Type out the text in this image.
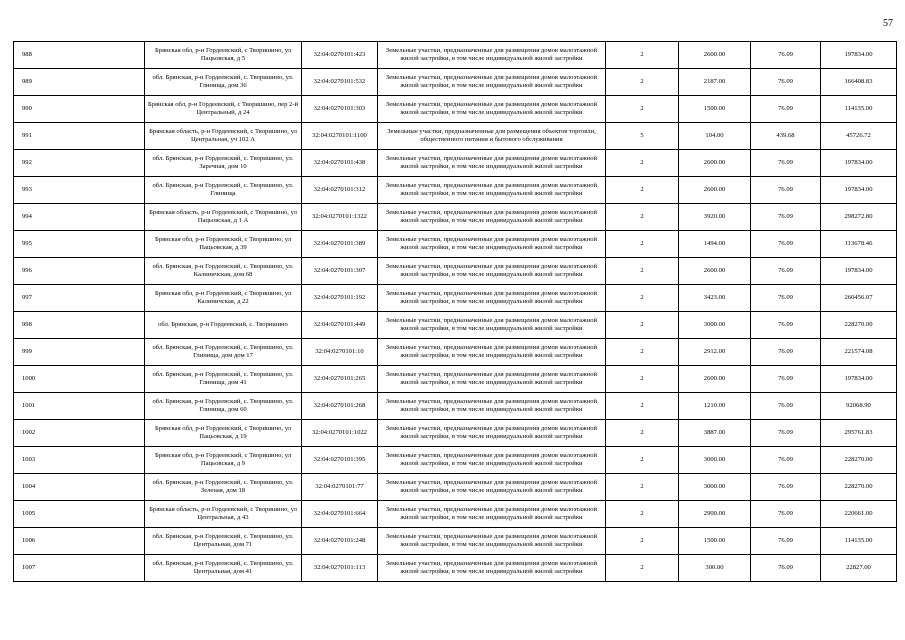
57
988	Брянская обл, р-н Гордеевский, с Творишино, ул Пацьовская, д 5	32:04:0270101:423	Земельные участки, предназначенные для размещения домов малоэтажной жилой застройки, в том числе индивидуальной жилой застройки	2	2600.00	76.09	197834.00
989	обл. Брянская, р-н Гордеевский, с. Творишино, ул. Глинища, дом 36	32:04:0270101:532	Земельные участки, предназначенные для размещения домов малоэтажной жилой застройки, в том числе индивидуальной жилой застройки	2	2187.00	76.09	166408.83
990	Брянская обл, р-н Гордеевский, с Творишино, пер 2-й Центральный, д 24	32:04:0270101:303	Земельные участки, предназначенные для размещения домов малоэтажной жилой застройки, в том числе индивидуальной жилой застройки	2	1500.00	76.09	114135.00
991	Брянская область, р-н Гордеевский, с Творишино, ул Центральная, уч 102 А	32:04:0270101:1100	Земельные участки, предназначенные для размещения объектов торговли, общественного питания и бытового обслуживания	5	104.00	439.68	45726.72
992	обл. Брянская, р-н Гордеевский, с. Творишино, ул. Заречная, дом 10	32:04:0270101:438	Земельные участки, предназначенные для размещения домов малоэтажной жилой застройки, в том числе индивидуальной жилой застройки	2	2600.00	76.09	197834.00
993	обл. Брянская, р-н Гордеевский, с. Творишино, ул. Глинища	32:04:0270101:312	Земельные участки, предназначенные для размещения домов малоэтажной жилой застройки, в том числе индивидуальной жилой застройки	2	2600.00	76.09	197834.00
994	Брянская область, р-н Гордеевский, с Творишино, ул Пацьовская, д 1 А	32:04:0270101:1322	Земельные участки, предназначенные для размещения домов малоэтажной жилой застройки, в том числе индивидуальной жилой застройки	2	3920.00	76.09	298272.80
995	Брянская обл, р-н Гордеевский, с Творишино, ул Пацьовская, д 39	32:04:0270101:389	Земельные участки, предназначенные для размещения домов малоэтажной жилой застройки, в том числе индивидуальной жилой застройки	2	1494.00	76.09	113678.46
996	обл. Брянская, р-н Гордеевский, с. Творишино, ул. Калиничская, дом 68	32:04:0270101:307	Земельные участки, предназначенные для размещения домов малоэтажной жилой застройки, в том числе индивидуальной жилой застройки	2	2600.00	76.09	197834.00
997	Брянская обл, р-н Гордеевский, с Творишино, ул Калиничская, д 22	32:04:0270101:192	Земельные участки, предназначенные для размещения домов малоэтажной жилой застройки, в том числе индивидуальной жилой застройки	2	3423.00	76.09	260456.07
998	обл. Брянская, р-н Гордеевский, с. Творишино	32:04:0270101:449	Земельные участки, предназначенные для размещения домов малоэтажной жилой застройки, в том числе индивидуальной жилой застройки	2	3000.00	76.09	228270.00
999	обл. Брянская, р-н Гордеевский, с. Творишино, ул. Глинища, дом дом 17	32:04:0270101:10	Земельные участки, предназначенные для размещения домов малоэтажной жилой застройки, в том числе индивидуальной жилой застройки	2	2912.00	76.09	221574.08
1000	обл. Брянская, р-н Гордеевский, с. Творишино, ул. Глинища, дом 41	32:04:0270101:265	Земельные участки, предназначенные для размещения домов малоэтажной жилой застройки, в том числе индивидуальной жилой застройки	2	2600.00	76.09	197834.00
1001	обл. Брянская, р-н Гордеевский, с. Творишино, ул. Глинища, дом 60	32:04:0270101:268	Земельные участки, предназначенные для размещения домов малоэтажной жилой застройки, в том числе индивидуальной жилой застройки	2	1210.00	76.09	92068.90
1002	Брянская обл, р-н Гордеевский, с Творишино, ул Пацьовская, д 19	32:04:0270101:1022	Земельные участки, предназначенные для размещения домов малоэтажной жилой застройки, в том числе индивидуальной жилой застройки	2	3887.00	76.09	295761.83
1003	Брянская обл, р-н Гордеевский, с Творишино, ул Пацьовская, д 9	32:04:0270101:395	Земельные участки, предназначенные для размещения домов малоэтажной жилой застройки, в том числе индивидуальной жилой застройки	2	3000.00	76.09	228270.00
1004	обл. Брянская, р-н Гордеевский, с. Творишино, ул. Зеленая, дом 18	32:04:0270101:77	Земельные участки, предназначенные для размещения домов малоэтажной жилой застройки, в том числе индивидуальной жилой застройки	2	3000.00	76.09	228270.00
1005	Брянская область, р-н Гордеевский, с Творишино, ул Центральная, д 43	32:04:0270101:664	Земельные участки, предназначенные для размещения домов малоэтажной жилой застройки, в том числе индивидуальной жилой застройки	2	2900.00	76.09	220661.00
1006	обл. Брянская, р-н Гордеевский, с. Творишино, ул. Центральная, дом 71	32:04:0270101:248	Земельные участки, предназначенные для размещения домов малоэтажной жилой застройки, в том числе индивидуальной жилой застройки	2	1500.00	76.09	114135.00
1007	обл. Брянская, р-н Гордеевский, с. Творишино, ул. Центральная, дом 41	32:04:0270101:113	Земельные участки, предназначенные для размещения домов малоэтажной жилой застройки, в том числе индивидуальной жилой застройки	2	300.00	76.09	22827.00
